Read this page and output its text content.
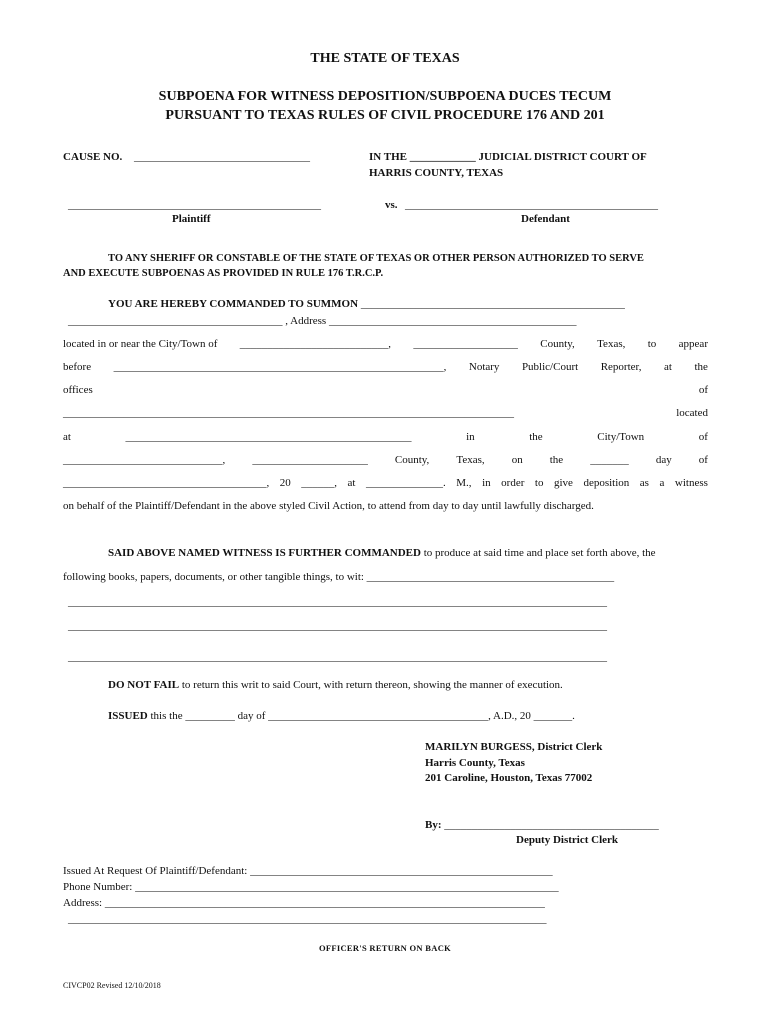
THE STATE OF TEXAS
SUBPOENA FOR WITNESS DEPOSITION/SUBPOENA DUCES TECUM
PURSUANT TO TEXAS RULES OF CIVIL PROCEDURE 176 AND 201
CAUSE NO. ________________________________	IN THE ____________ JUDICIAL DISTRICT COURT OF
HARRIS COUNTY, TEXAS
______________________________________________	vs. ______________________________________________
Plaintiff	Defendant
TO ANY SHERIFF OR CONSTABLE OF THE STATE OF TEXAS OR OTHER PERSON AUTHORIZED TO SERVE
AND EXECUTE SUBPOENAS AS PROVIDED IN RULE 176 T.R.C.P.
YOU ARE HEREBY COMMANDED TO SUMMON ________________________________________________
_______________________________________ , Address _____________________________________________
located in or near the City/Town of ___________________________, ___________________ County, Texas, to appear
before ____________________________________________________________, Notary Public/Court Reporter, at the
offices	of
__________________________________________________________________________________	located
at	____________________________________________________	in	the	City/Town	of
_____________________________, _____________________ County, Texas, on the _______ day of
_____________________________________, 20 ______, at ______________. M., in order to give deposition as a witness
on behalf of the Plaintiff/Defendant in the above styled Civil Action, to attend from day to day until lawfully discharged.
SAID ABOVE NAMED WITNESS IS FURTHER COMMANDED to produce at said time and place set forth above, the
following books, papers, documents, or other tangible things, to wit: _____________________________________________
__________________________________________________________________________________________________
__________________________________________________________________________________________________
__________________________________________________________________________________________________
DO NOT FAIL to return this writ to said Court, with return thereon, showing the manner of execution.
ISSUED this the _________ day of ________________________________________, A.D., 20 _______.
MARILYN BURGESS, District Clerk
Harris County, Texas
201 Caroline, Houston, Texas 77002
By: _______________________________________
Deputy District Clerk
Issued At Request Of Plaintiff/Defendant: _______________________________________________________
Phone Number: _____________________________________________________________________________
Address: ________________________________________________________________________________
_______________________________________________________________________________________
OFFICER'S RETURN ON BACK
CIVCP02 Revised 12/10/2018
